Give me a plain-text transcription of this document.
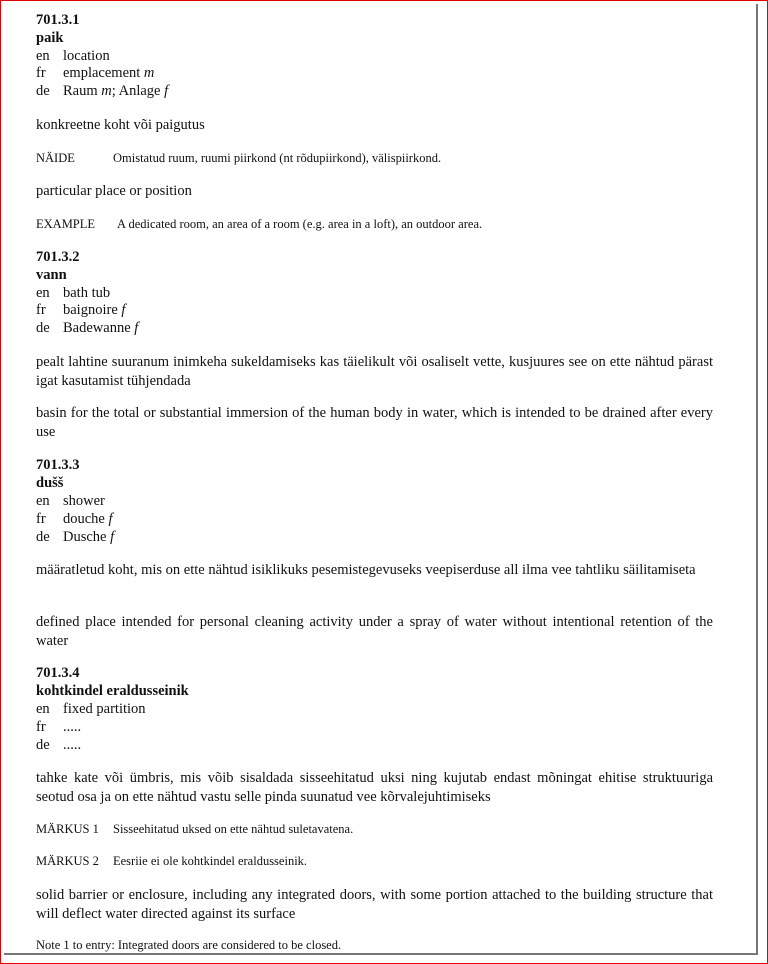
701.3.1
paik
en location
fr emplacement m
de Raum m; Anlage f
konkreetne koht või paigutus
NÄIDE	Omistatud ruum, ruumi piirkond (nt rõdupiirkond), välispiirkond.
particular place or position
EXAMPLE A dedicated room, an area of a room (e.g. area in a loft), an outdoor area.
701.3.2
vann
en bath tub
fr baignoire f
de Badewanne f
pealt lahtine suuranum inimkeha sukeldamiseks kas täielikult või osaliselt vette, kusjuures see on ette nähtud pärast igat kasutamist tühjendada
basin for the total or substantial immersion of the human body in water, which is intended to be drained after every use
701.3.3
dušš
en shower
fr douche f
de Dusche f
määratletud koht, mis on ette nähtud isiklikuks pesemistegevuseks veepiserduse all ilma vee tahtliku säilitamiseta
defined place intended for personal cleaning activity under a spray of water without intentional retention of the water
701.3.4
kohtkindel eraldusseinik
en fixed partition
fr .....
de .....
tahke kate või ümbris, mis võib sisaldada sisseehitatud uksi ning kujutab endast mõningat ehitise struktuuriga seotud osa ja on ette nähtud vastu selle pinda suunatud vee kõrvalejuhtimiseks
MÄRKUS 1 Sisseehitatud uksed on ette nähtud suletavatena.
MÄRKUS 2 Eesriie ei ole kohtkindel eraldusseinik.
solid barrier or enclosure, including any integrated doors, with some portion attached to the building structure that will deflect water directed against its surface
Note 1 to entry: Integrated doors are considered to be closed.
